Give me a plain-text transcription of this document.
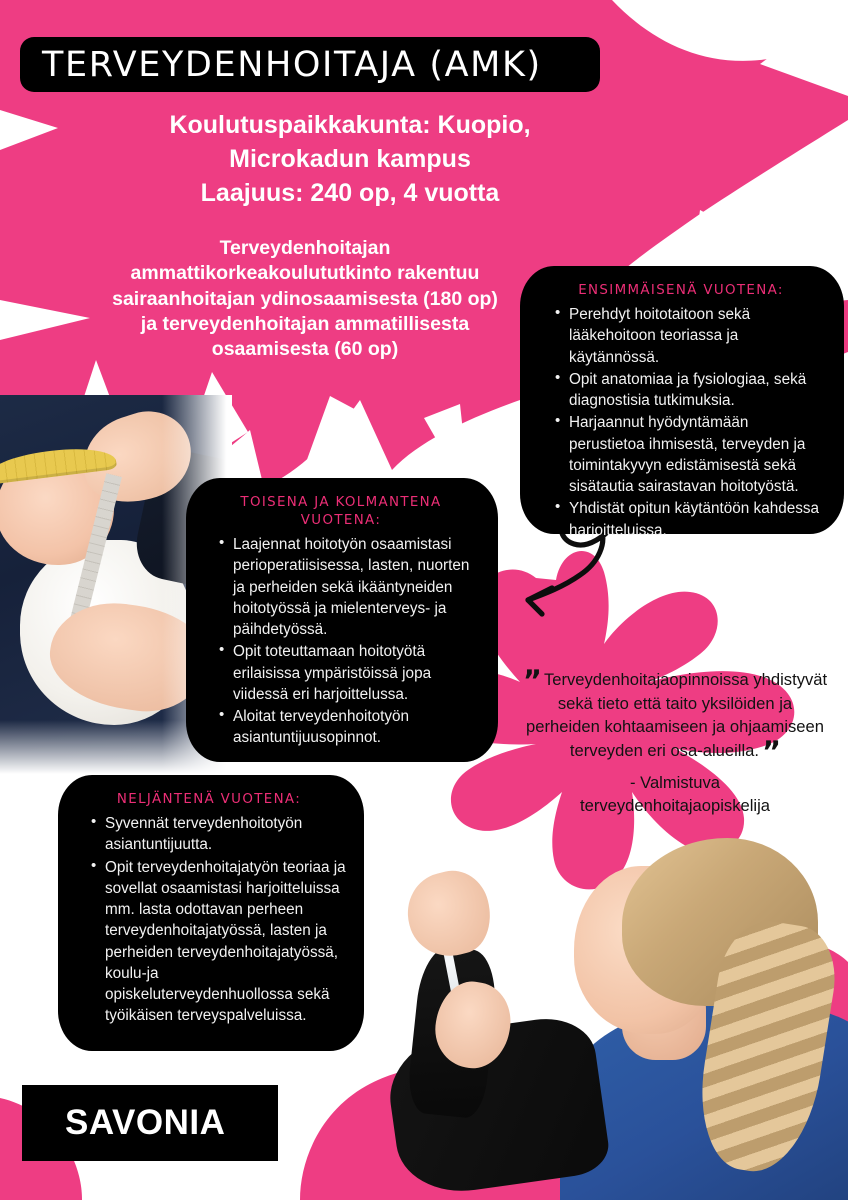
TERVEYDENHOITAJA (AMK)
Koulutuspaikkakunta: Kuopio,
Microkadun kampus
Laajuus: 240 op, 4 vuotta
Terveydenhoitajan
ammattikorkeakoulututkinto rakentuu
sairaanhoitajan ydinosaamisesta (180 op)
ja terveydenhoitajan ammatillisesta
osaamisesta (60 op)
ENSIMMÄISENÄ VUOTENA:
• Perehdyt hoitotaitoon sekä lääkehoitoon teoriassa ja käytännössä.
• Opit anatomiaa ja fysiologiaa, sekä diagnostisia tutkimuksia.
• Harjaannut hyödyntämään perustietoa ihmisestä, terveyden ja toimintakyvyn edistämisestä sekä sisätautia sairastavan hoitotyöstä.
• Yhdistät opitun käytäntöön kahdessa harjoitteluissa.
TOISENA JA KOLMANTENA VUOTENA:
• Laajennat hoitotyön osaamistasi perioperatiisisessa, lasten, nuorten ja perheiden sekä ikääntyneiden hoitotyössä ja mielenterveys- ja päihdetyössä.
• Opit toteuttamaan hoitotyötä erilaisissa ympäristöissä jopa viidessä eri harjoittelussa.
• Aloitat terveydenhoitotyön asiantuntijuusopinnot.
NELJÄNTENÄ VUOTENA:
• Syvennät terveydenhoitotyön asiantuntijuutta.
• Opit terveydenhoitajatyön teoriaa ja sovellat osaamistasi harjoitteluissa mm. lasta odottavan perheen terveydenhoitajatyössä, lasten ja perheiden terveydenhoitajatyössä, koulu-ja opiskeluterveydenhuollossa sekä työikäisen terveyspalveluissa.
” Terveydenhoitajaopinnoissa yhdistyvät sekä tieto että taito yksilöiden ja perheiden kohtaamiseen ja ohjaamiseen terveyden eri osa-alueilla. ”
- Valmistuva
terveydenhoitajaopiskelija
SAVONIA
